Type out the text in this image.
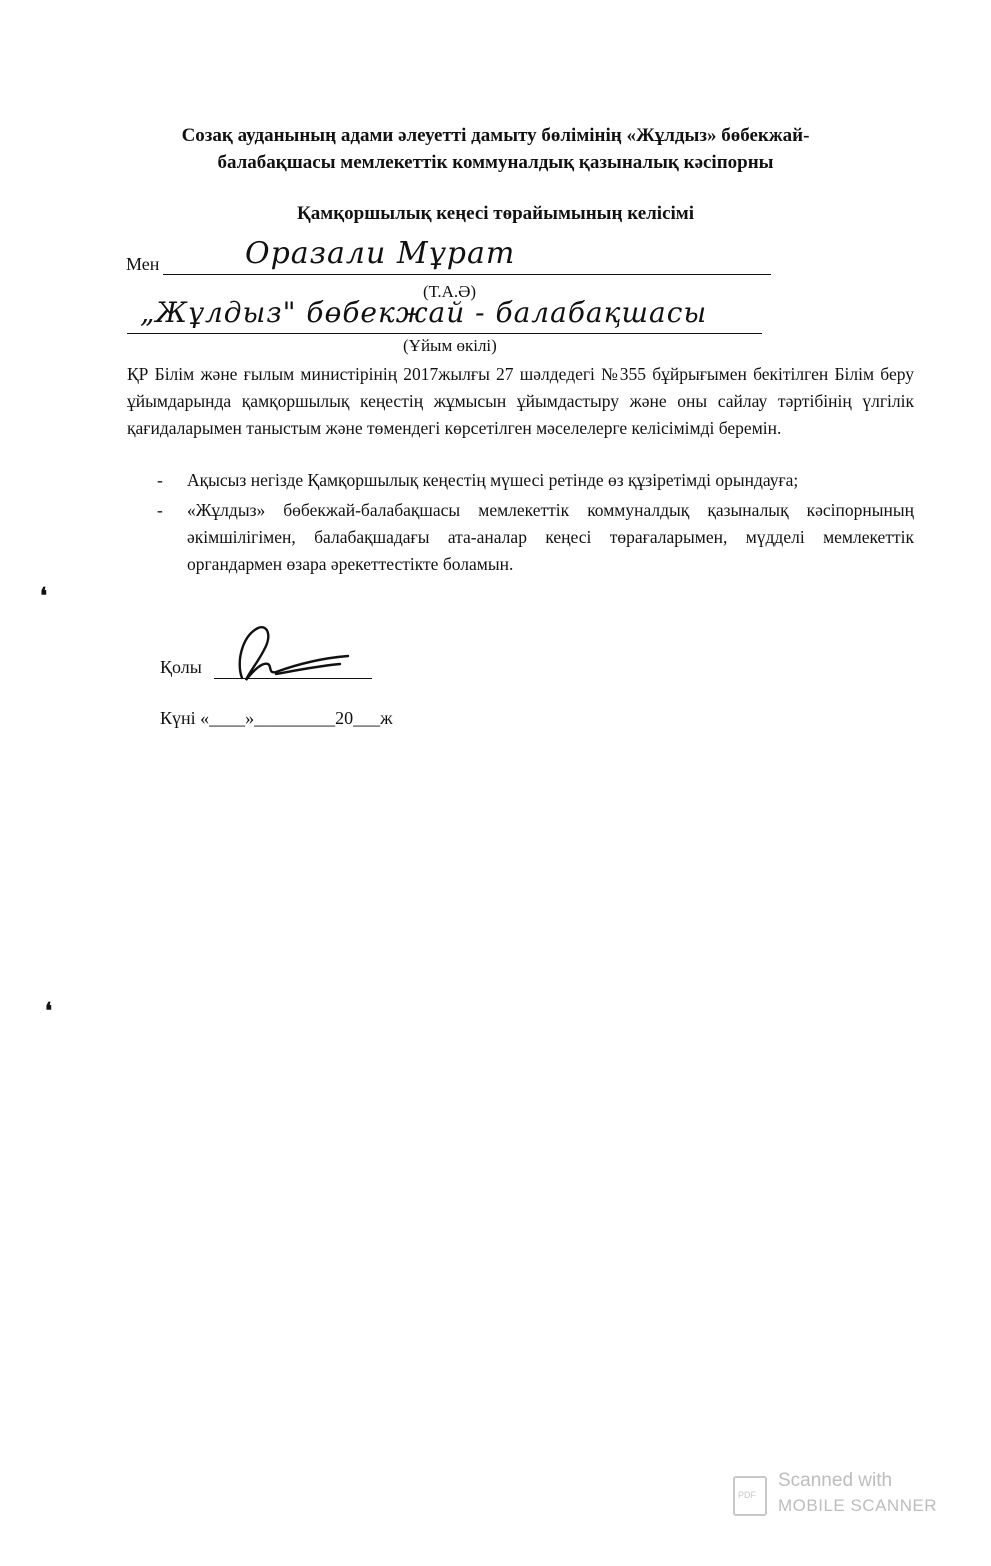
Созақ ауданының адами әлеуетті дамыту бөлімінің «Жұлдыз» бөбекжай-
балабақшасы мемлекеттік коммуналдық қазыналық кәсіпорны
Қамқоршылық кеңесі төрайымының келісімі
Мен	Оразали Мұрат
(Т.А.Ә)
„Жұлдыз" бөбекжай - балабақшасы
(Ұйым өкілі)
ҚР Білім және ғылым министірінің 2017жылғы 27 шәлдедегі №355 бұйрығымен бекітілген Білім беру ұйымдарында қамқоршылық кеңестің жұмысын ұйымдастыру және оны сайлау тәртібінің үлгілік қағидаларымен таныстым және төмендегі көрсетілген мәселелерге келісімімді беремін.
- Ақысыз негізде Қамқоршылық кеңестің мүшесі ретінде өз құзіретімді орындауға;
- «Жұлдыз» бөбекжай-балабақшасы мемлекеттік коммуналдық қазыналық кәсіпорнының әкімшілігімен, балабақшадағы ата-аналар кеңесі төрағаларымен, мүдделі мемлекеттік органдармен өзара әрекеттестікте боламын.
❛
❛
Қолы
Күні «____»_________20___ж
PDF
Scanned with
MOBILE SCANNER
